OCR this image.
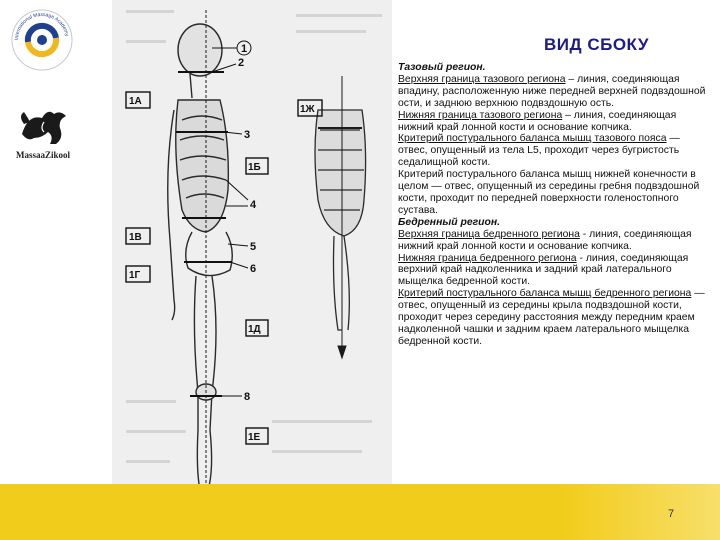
International Massage Academy
MassaaZikool
1А
1Б
1В
1Г
1Д
1Е
1Ж
1
2
3
4
5
6
8
ВИД СБОКУ

Тазовый регион.

Верхняя граница тазового региона – линия, соединяющая впадину, расположенную ниже передней верхней подвздошной ости, и заднюю верхнюю подвздошную ость.

Нижняя граница тазового региона – линия, соединяющая нижний край лонной кости и основание копчика.

Критерий постурального баланса мышц тазового пояса — отвес, опущенный из тела L5, проходит через бугристость седалищной кости.

Критерий постурального баланса мышц нижней конечности в целом — отвес, опущенный из середины гребня подвздошной кости, проходит по передней поверхности голеностопного сустава.

Бедренный регион.

Верхняя граница бедренного региона - линия, соединяющая нижний край лонной кости и основание копчика.

Нижняя граница бедренного региона - линия, соединяющая верхний край надколенника и задний край латерального мыщелка бедренной кости.

Критерий постурального баланса мышц бедренного региона — отвес, опущенный из середины крыла подвздошной кости, проходит через середину расстояния между передним краем надколенной чашки и задним краем латерального мыщелка бедренной кости.

7
